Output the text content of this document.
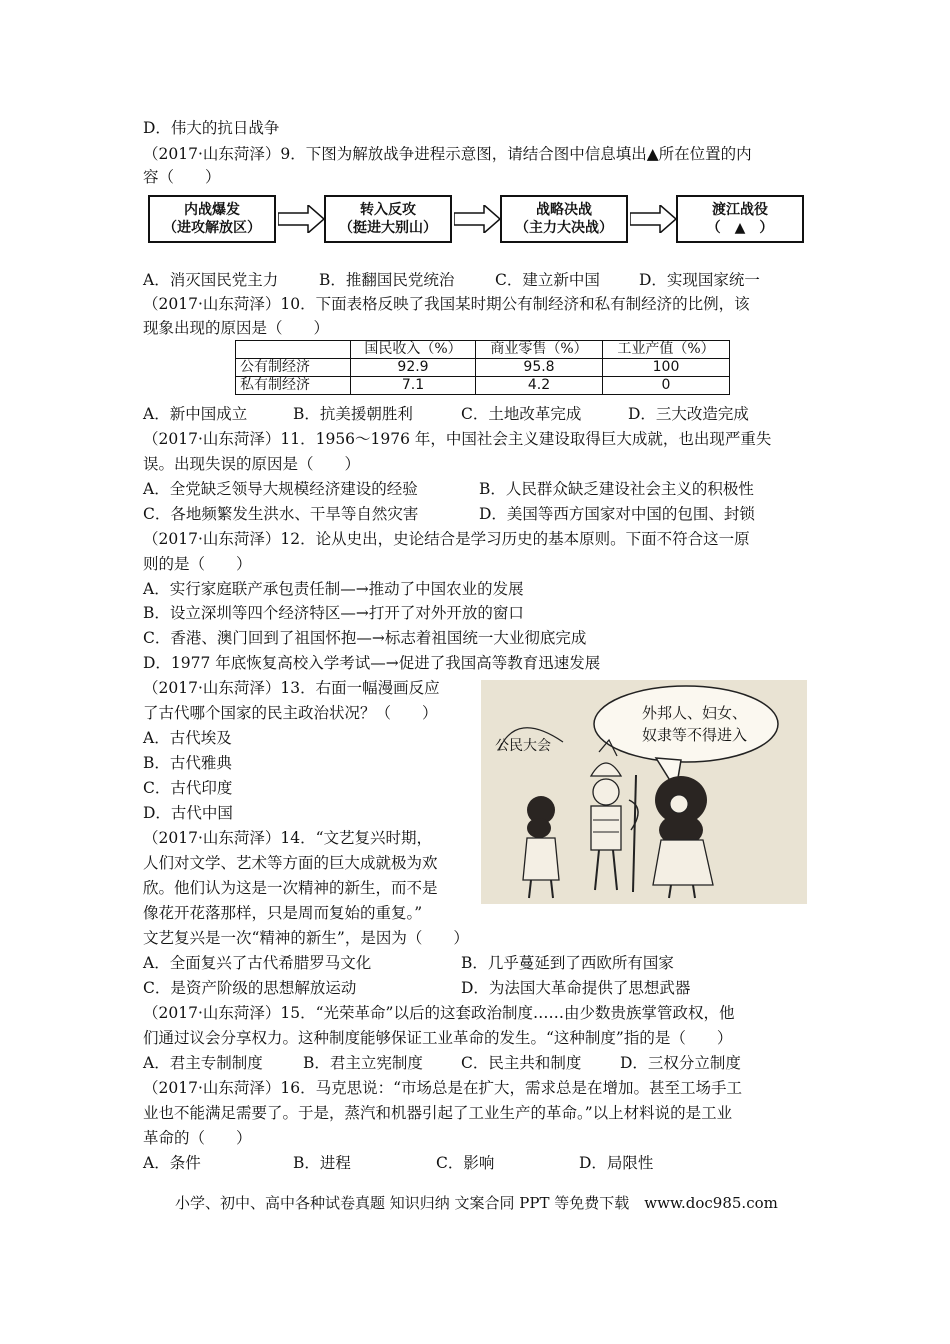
D．伟大的抗日战争
（2017·山东菏泽）9．下图为解放战争进程示意图，请结合图中信息填出▲所在位置的内
容（　　）
内战爆发
（进攻解放区）
转入反攻
（挺进大别山）
战略决战
（主力大决战）
渡江战役
（　▲　）
A．消灭国民党主力	B．推翻国民党统治	C．建立新中国	D．实现国家统一
（2017·山东菏泽）10．下面表格反映了我国某时期公有制经济和私有制经济的比例，该
现象出现的原因是（　　）
	国民收入（%）	商业零售（%）	工业产值（%）
公有制经济	92.9	95.8	100
私有制经济	7.1	4.2	0
A．新中国成立	B．抗美援朝胜利	C．土地改革完成	D．三大改造完成
（2017·山东菏泽）11．1956～1976 年，中国社会主义建设取得巨大成就，也出现严重失
误。出现失误的原因是（　　）
A．全党缺乏领导大规模经济建设的经验	B．人民群众缺乏建设社会主义的积极性
C．各地频繁发生洪水、干旱等自然灾害	D．美国等西方国家对中国的包围、封锁
（2017·山东菏泽）12．论从史出，史论结合是学习历史的基本原则。下面不符合这一原
则的是（　　）
A．实行家庭联产承包责任制—→推动了中国农业的发展
B．设立深圳等四个经济特区—→打开了对外开放的窗口
C．香港、澳门回到了祖国怀抱—→标志着祖国统一大业彻底完成
D．1977 年底恢复高校入学考试—→促进了我国高等教育迅速发展
（2017·山东菏泽）13．右面一幅漫画反应
了古代哪个国家的民主政治状况？（　　）
A．古代埃及
B．古代雅典
C．古代印度
D．古代中国
外邦人、妇女、
奴隶等不得进入
公民大会
（2017·山东菏泽）14．“文艺复兴时期，
人们对文学、艺术等方面的巨大成就极为欢
欣。他们认为这是一次精神的新生，而不是
像花开花落那样，只是周而复始的重复。”
文艺复兴是一次“精神的新生”，是因为（　　）
A．全面复兴了古代希腊罗马文化	B．几乎蔓延到了西欧所有国家
C．是资产阶级的思想解放运动	D．为法国大革命提供了思想武器
（2017·山东菏泽）15．“光荣革命”以后的这套政治制度……由少数贵族掌管政权，他
们通过议会分享权力。这种制度能够保证工业革命的发生。“这种制度”指的是（　　）
A．君主专制制度	B．君主立宪制度 C．民主共和制度 D．三权分立制度
（2017·山东菏泽）16．马克思说：“市场总是在扩大，需求总是在增加。甚至工场手工
业也不能满足需要了。于是，蒸汽和机器引起了工业生产的革命。”以上材料说的是工业
革命的（　　）
A．条件	B．进程	C．影响	D．局限性
小学、初中、高中各种试卷真题 知识归纳 文案合同 PPT 等免费下载　www.doc985.com
